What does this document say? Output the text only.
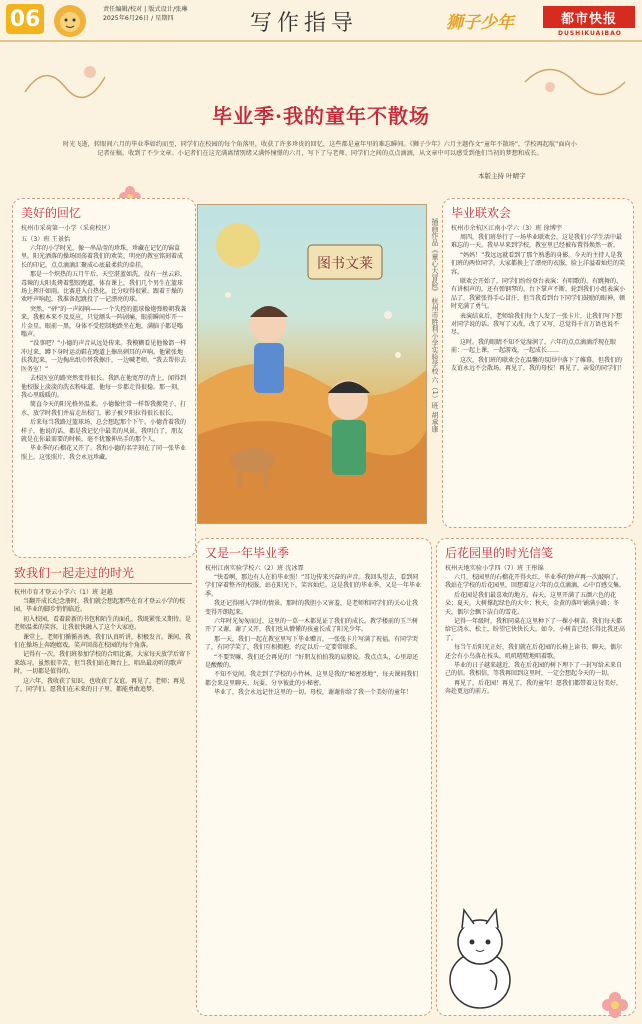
06	责任编辑/校对 | 版式设计/张琳
2025年6月26日 / 星期四	写作指导	狮子少年	都市快报
DUSHIKUAIBAO
毕业季·我的童年不散场
时光飞逝，转眼间六月的毕业季如约而至，同学们在校园的每个角落里，收获了许多珍贵的回忆，这些都是童年里的难忘瞬间。《狮子少年》六月主题作文“童年不散场”，学校再起航”面向小记者征稿，收到了不少文章。小记者们在这充满离情别绪又满怀憧憬的六月，写下了与老师、同学们之间的点点滴滴，从文章中可以感受到他们当初的梦想和成长。
本版主持 叶晴宇
美好的回忆
杭州市采荷第一小学（采荷校区）
五（3）班 王景怡

六年的小学时光，像一串晶莹的珍珠，珍藏在记忆的锦盒里。阳光洒落的操场回荡着我们的欢笑，明亮的教室铭刻着成长的印记，点点滴滴汇聚成心底最柔软的牵挂。

那是一个炽热的五月午后。天空湛蓝如洗，没有一丝云彩，毒辣的太阳炙烤着塑胶跑道，体育课上，我们几个男生在篮球场上挥汗如雨。比赛进入白热化，比分咬得很紧，跟着干燥的欢呼声响起，我准备起跳投了一记漂亮的球。

突然，“砰”的一声闷响——一个失控的篮球像炮弹般朝我袭来。我根本来不及反应，只觉额头一阵剧痛，眼前瞬间炸开一片金星。眼前一黑，身体不受控制地跌坐在地，满脑子都是嗡嗡声。

“没事吧？”小德的声音从远处传来。我模糊看见他像箭一样冲过来，蹲下身时运动鞋在跑道上擦出刺耳的声响。他紧张地扶我起来，一边掏出纸巾替我擦汗，一边喊老师，“我去帮你去医务室！”

去校医室的路突然变得很长。我趴在他宽厚的背上，闻得到他校服上淡淡的洗衣粉味道，他每一步都走得很稳。那一刻，我心里暖暖的。

简直今天的阳光格外温柔。小德像往常一样帮我搬凳子、打水，放学时我们并肩走出校门，影子被夕阳拉得很长很长。

后来每当我路过篮球场，总会想起那个下午。小德背着我的样子，他说的话，都是我记忆中最美的风景。我明白了，朋友就是在你最需要的时候，毫不犹豫伸出手的那个人。

毕业季的石榴花又开了。我和小德的名字刻在了同一张毕业照上。这张照片，我会永远珍藏。

图书文莱	插画作品《童心大冒险》 杭州市胜利小学实验学校 六（1）班 胡承康
毕业联欢会
杭州市余杭区江南小学六（3）班 徐博宇

周四，我们班举行了一场毕业联欢会，这是我们小学生活中最难忘的一天。我早早来到学校，教室里已经被布置得焕然一新。

“妈妈！”我远远就看到了那个熟悉的身影。今天的主持人是我们班的两位同学，大家都换上了漂亮的衣服，脸上洋溢着灿烂的笑容。

联欢会开始了，同学们纷纷登台表演：有唱歌的、有跳舞的、有讲相声的，还有弹钢琴的，台下掌声不断。轮到我们小组表演小品了，我紧张得手心冒汗，但当我看到台下同学们鼓励的眼神，顿时充满了勇气。

表演结束后，老师给我们每个人发了一张卡片，让我们写下想对同学说的话。我写了又改，改了又写，总觉得千言万语也说不尽。

这时，我的眼睛不知不觉湿润了。六年的点点滴滴浮现在眼前：一起上课，一起游戏，一起成长……

这次，我们班的联欢会在温馨的氛围中落下了帷幕，但我们的友谊永远不会散场。再见了，我的母校！再见了，亲爱的同学们！

致我们一起走过的时光
杭州市育才登云小学六（1）班 赵越

当翻开成长纪念册时，我们就会想起那些在育才登云小学的校园，毕业的脚步悄悄临近。

初入校园，看着崭新的书包和陌生的面孔，我既紧张又期待。是老师温柔的笑容，让我很快融入了这个大家庭。

课堂上，老师们循循善诱，我们认真听讲，积极发言。课间，我们在操场上奔跑嬉戏，笑声回荡在校园的每个角落。

记得有一次，我们班参加学校的合唱比赛，大家每天放学后留下来练习。虽然很辛苦，但当我们站在舞台上，唱出最动听的歌声时，一切都是值得的。

这六年，我收获了知识，也收获了友谊。再见了，老师；再见了，同学们。愿我们在未来的日子里，都能勇敢追梦。

又是一年毕业季
杭州江南实验学校六（2）班 沈冰霏

“快看啊，那边有人在拍毕业照！”耳边传来兴奋的声音。我回头望去，看到同学们穿着整齐的校服，站在阳光下，笑容灿烂。这是我们的毕业季，又是一年毕业季。

我还记得刚入学时的情景。那时的我胆小又害羞，是老师和同学们的关心让我变得开朗起来。

六年时光匆匆而过，这里的一草一木都见证了我们的成长。教学楼前的玉兰树开了又谢，谢了又开，我们也从懵懂的孩童长成了阳光少年。

那一天，我们一起在教室里写下毕业赠言，一张张卡片写满了祝福。有同学哭了，有同学笑了，我们互相拥抱，约定以后一定要常联系。

“不要哭嘛，我们还会再见的！”好朋友拍拍我的肩膀说。我点点头，心里却还是酸酸的。

不知不觉间，我走到了学校的小竹林。这里是我的“秘密基地”，每天课间我们都会来这里聊天、玩耍，分享彼此的小秘密。

毕业了，我会永远记住这里的一切。母校，谢谢你给了我一个美好的童年！

后花园里的时光信笺
杭州天地实验小学四（7）班 王彤锦

六月，校园里的石榴花开得火红，毕业季的钟声再一次敲响了。我站在学校的后花园里，回想着这六年的点点滴滴，心中百感交集。

后花园是我们最喜欢的地方。春天，这里开满了五颜六色的花朵；夏天，大树撑起绿色的大伞；秋天，金黄的落叶铺满小路；冬天，偶尔会飘下洁白的雪花。

记得一年级时，我和同桌在这里种下了一棵小树苗。我们每天都给它浇水、松土，盼望它快快长大。如今，小树苗已经长得比我还高了。

每当午后阳光正好，我们就在后花园的长椅上读书、聊天，偶尔还会有小鸟落在枝头，叽叽喳喳地唱着歌。

毕业的日子越来越近，我在后花园的树下埋下了一封写给未来自己的信。我相信，等我再回到这里时，一定会想起今天的一切。

再见了，后花园！再见了，我的童年！愿我们都带着这份美好，奔赴更远的前方。
